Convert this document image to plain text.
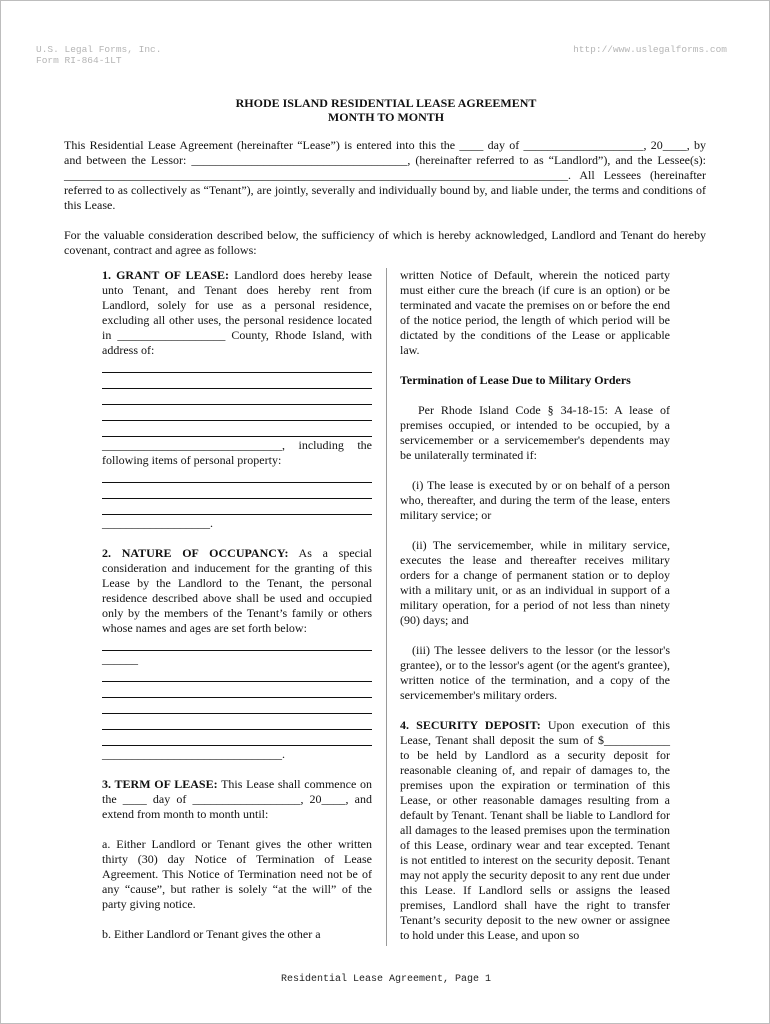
U.S. Legal Forms, Inc.
Form RI-864-1LT
http://www.uslegalforms.com
RHODE ISLAND RESIDENTIAL LEASE AGREEMENT
MONTH TO MONTH

This Residential Lease Agreement (hereinafter “Lease”) is entered into this the ____ day of ____________________, 20____, by and between the Lessor: ____________________________________, (hereinafter referred to as “Landlord”), and the Lessee(s): ____________________________________________________________________________________. All Lessees (hereinafter referred to as collectively as “Tenant”), are jointly, severally and individually bound by, and liable under, the terms and conditions of this Lease.

For the valuable consideration described below, the sufficiency of which is hereby acknowledged, Landlord and Tenant do hereby covenant, contract and agree as follows:

1. GRANT OF LEASE: Landlord does hereby lease unto Tenant, and Tenant does hereby rent from Landlord, solely for use as a personal residence, excluding all other uses, the personal residence located in __________________ County, Rhode Island, with address of:

______________________________, including the following items of personal property:

__________________.

2. NATURE OF OCCUPANCY: As a special consideration and inducement for the granting of this Lease by the Landlord to the Tenant, the personal residence described above shall be used and occupied only by the members of the Tenant’s family or others whose names and ages are set forth below:

______

______________________________.

3. TERM OF LEASE: This Lease shall commence on the ____ day of __________________, 20____, and extend from month to month until:

a. Either Landlord or Tenant gives the other written thirty (30) day Notice of Termination of Lease Agreement. This Notice of Termination need not be of any “cause”, but rather is solely “at the will” of the party giving notice.

b. Either Landlord or Tenant gives the other a

written Notice of Default, wherein the noticed party must either cure the breach (if cure is an option) or be terminated and vacate the premises on or before the end of the notice period, the length of which period will be dictated by the conditions of the Lease or applicable law.

Termination of Lease Due to Military Orders

Per Rhode Island Code § 34-18-15: A lease of premises occupied, or intended to be occupied, by a servicemember or a servicemember's dependents may be unilaterally terminated if:

(i) The lease is executed by or on behalf of a person who, thereafter, and during the term of the lease, enters military service; or

(ii) The servicemember, while in military service, executes the lease and thereafter receives military orders for a change of permanent station or to deploy with a military unit, or as an individual in support of a military operation, for a period of not less than ninety (90) days; and

(iii) The lessee delivers to the lessor (or the lessor's grantee), or to the lessor's agent (or the agent's grantee), written notice of the termination, and a copy of the servicemember's military orders.

4. SECURITY DEPOSIT: Upon execution of this Lease, Tenant shall deposit the sum of $___________ to be held by Landlord as a security deposit for reasonable cleaning of, and repair of damages to, the premises upon the expiration or termination of this Lease, or other reasonable damages resulting from a default by Tenant. Tenant shall be liable to Landlord for all damages to the leased premises upon the termination of this Lease, ordinary wear and tear excepted. Tenant is not entitled to interest on the security deposit. Tenant may not apply the security deposit to any rent due under this Lease. If Landlord sells or assigns the leased premises, Landlord shall have the right to transfer Tenant’s security deposit to the new owner or assignee to hold under this Lease, and upon so

Residential Lease Agreement, Page 1
